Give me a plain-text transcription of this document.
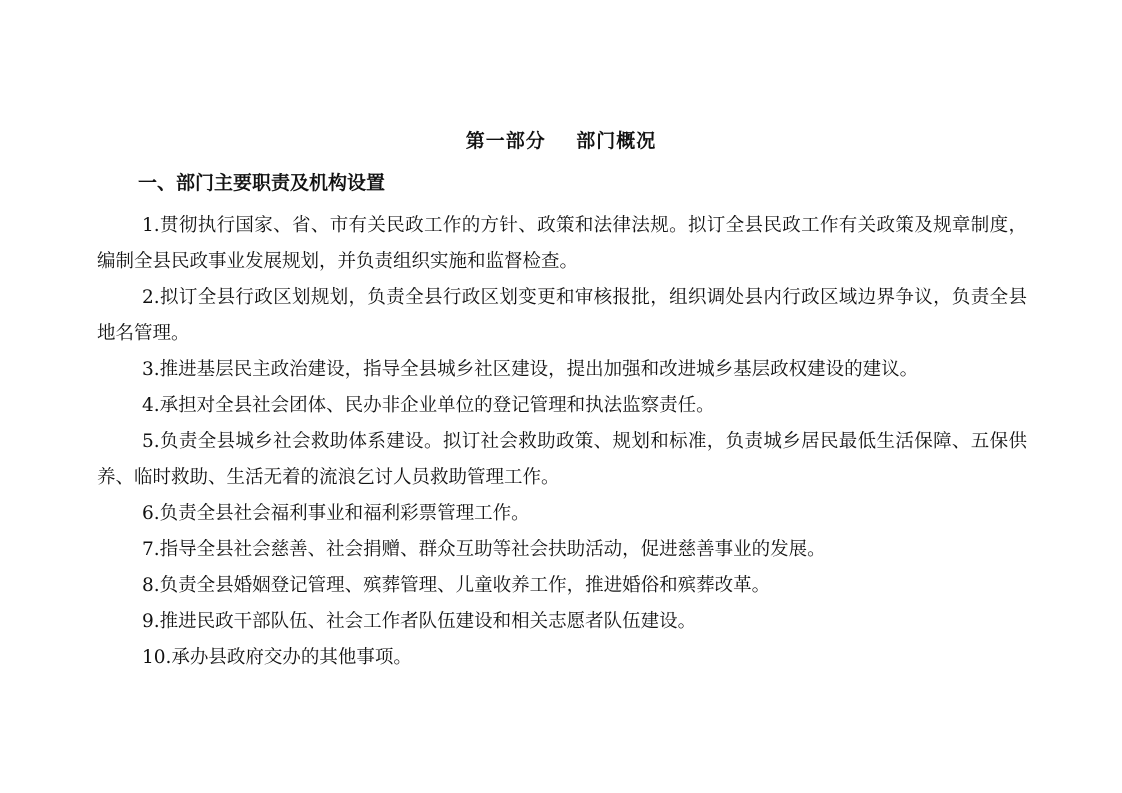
第一部分    部门概况
一、部门主要职责及机构设置

1.贯彻执行国家、省、市有关民政工作的方针、政策和法律法规。拟订全县民政工作有关政策及规章制度，编制全县民政事业发展规划，并负责组织实施和监督检查。

2.拟订全县行政区划规划，负责全县行政区划变更和审核报批，组织调处县内行政区域边界争议，负责全县地名管理。

3.推进基层民主政治建设，指导全县城乡社区建设，提出加强和改进城乡基层政权建设的建议。

4.承担对全县社会团体、民办非企业单位的登记管理和执法监察责任。

5.负责全县城乡社会救助体系建设。拟订社会救助政策、规划和标准，负责城乡居民最低生活保障、五保供养、临时救助、生活无着的流浪乞讨人员救助管理工作。

6.负责全县社会福利事业和福利彩票管理工作。

7.指导全县社会慈善、社会捐赠、群众互助等社会扶助活动，促进慈善事业的发展。

8.负责全县婚姻登记管理、殡葬管理、儿童收养工作，推进婚俗和殡葬改革。

9.推进民政干部队伍、社会工作者队伍建设和相关志愿者队伍建设。

10.承办县政府交办的其他事项。
